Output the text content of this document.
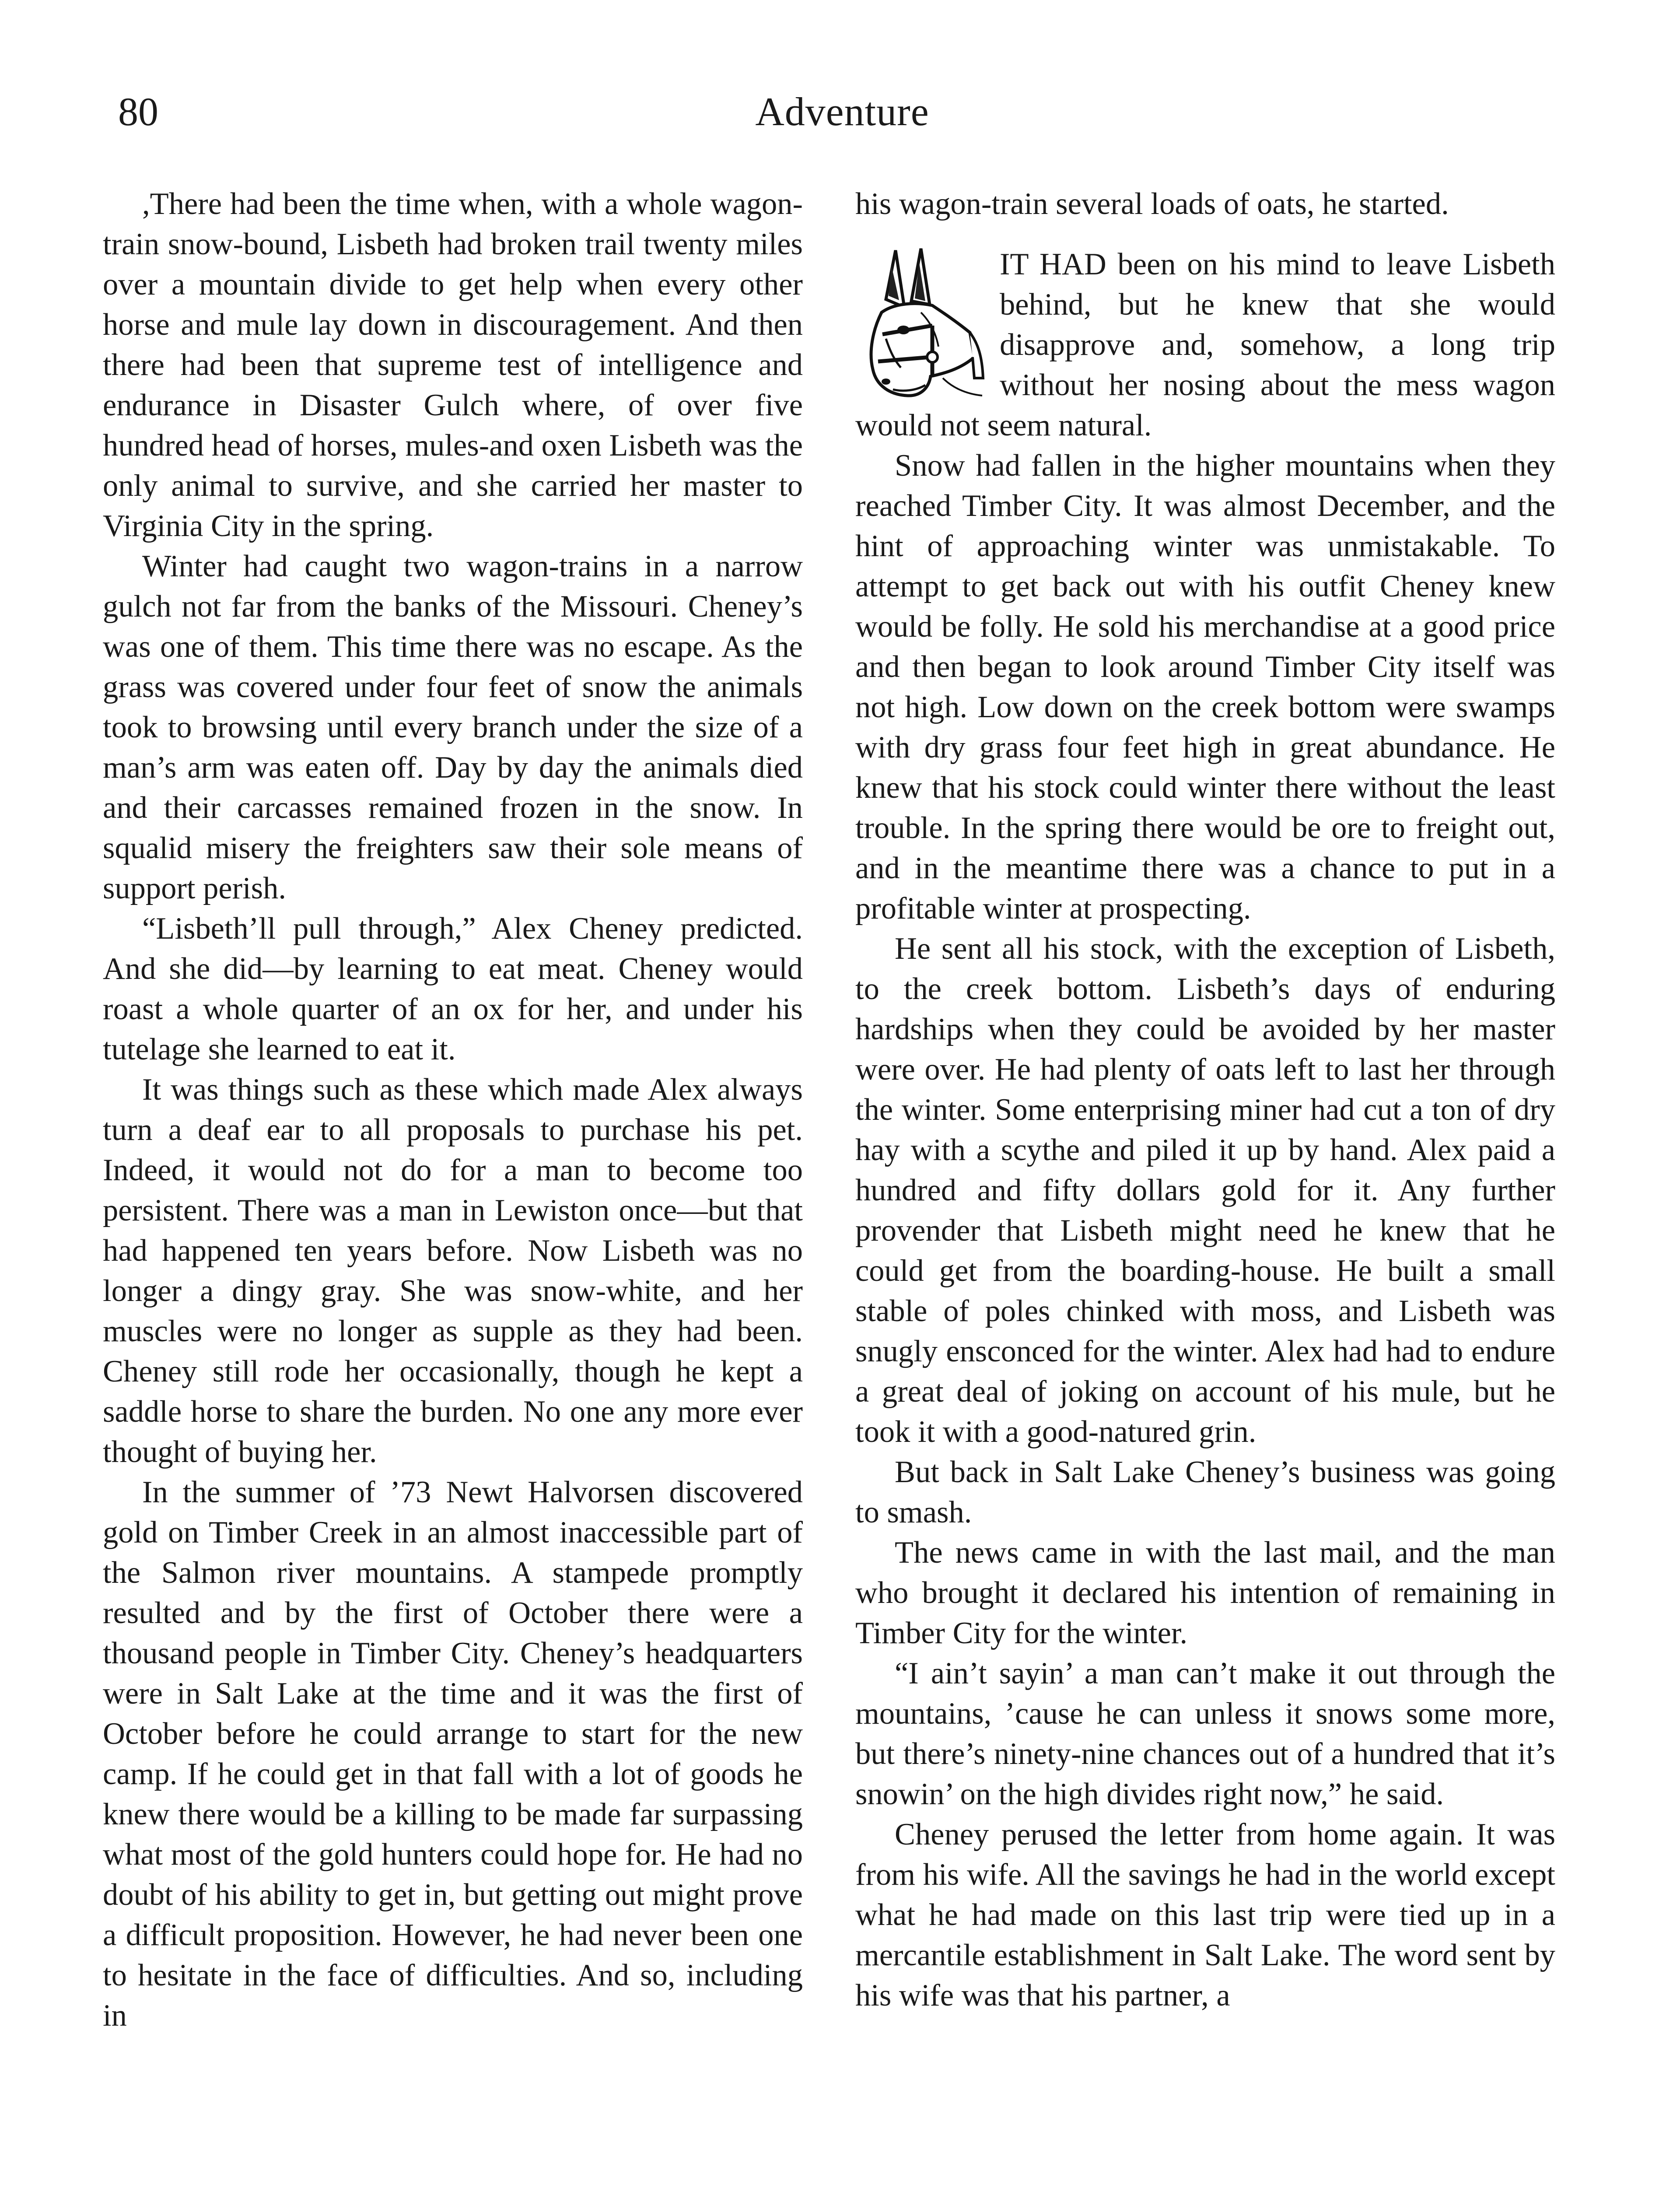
80	Adventure

,There had been the time when, with a whole wagon-train snow-bound, Lisbeth had broken trail twenty miles over a mountain divide to get help when every other horse and mule lay down in discouragement. And then there had been that supreme test of intelligence and endurance in Disaster Gulch where, of over five hundred head of horses, mules-and oxen Lisbeth was the only animal to survive, and she carried her master to Virginia City in the spring.

Winter had caught two wagon-trains in a narrow gulch not far from the banks of the Missouri. Cheney’s was one of them. This time there was no escape. As the grass was covered under four feet of snow the animals took to browsing until every branch under the size of a man’s arm was eaten off. Day by day the animals died and their carcasses remained frozen in the snow. In squalid misery the freighters saw their sole means of support perish.

“Lisbeth’ll pull through,” Alex Cheney predicted. And she did—by learning to eat meat. Cheney would roast a whole quarter of an ox for her, and under his tutelage she learned to eat it.

It was things such as these which made Alex always turn a deaf ear to all proposals to purchase his pet. Indeed, it would not do for a man to become too persistent. There was a man in Lewiston once—but that had happened ten years before. Now Lisbeth was no longer a dingy gray. She was snow-white, and her muscles were no longer as supple as they had been. Cheney still rode her occasionally, though he kept a saddle horse to share the burden. No one any more ever thought of buying her.

In the summer of ’73 Newt Halvorsen discovered gold on Timber Creek in an almost inaccessible part of the Salmon river mountains. A stampede promptly resulted and by the first of October there were a thousand people in Timber City. Cheney’s headquarters were in Salt Lake at the time and it was the first of October before he could arrange to start for the new camp. If he could get in that fall with a lot of goods he knew there would be a killing to be made far surpassing what most of the gold hunters could hope for. He had no doubt of his ability to get in, but getting out might prove a difficult proposition. However, he had never been one to hesitate in the face of difficulties. And so, including in

his wagon-train several loads of oats, he started.

IT HAD been on his mind to leave Lisbeth behind, but he knew that she would disapprove and, somehow, a long trip without her nosing about the mess wagon would not seem natural.

Snow had fallen in the higher mountains when they reached Timber City. It was almost December, and the hint of approaching winter was unmistakable. To attempt to get back out with his outfit Cheney knew would be folly. He sold his merchandise at a good price and then began to look around Timber City itself was not high. Low down on the creek bottom were swamps with dry grass four feet high in great abundance. He knew that his stock could winter there without the least trouble. In the spring there would be ore to freight out, and in the meantime there was a chance to put in a profitable winter at prospecting.

He sent all his stock, with the exception of Lisbeth, to the creek bottom. Lisbeth’s days of enduring hardships when they could be avoided by her master were over. He had plenty of oats left to last her through the winter. Some enterprising miner had cut a ton of dry hay with a scythe and piled it up by hand. Alex paid a hundred and fifty dollars gold for it. Any further provender that Lisbeth might need he knew that he could get from the boarding-house. He built a small stable of poles chinked with moss, and Lisbeth was snugly ensconced for the winter. Alex had had to endure a great deal of joking on account of his mule, but he took it with a good-natured grin.

But back in Salt Lake Cheney’s business was going to smash.

The news came in with the last mail, and the man who brought it declared his intention of remaining in Timber City for the winter.

“I ain’t sayin’ a man can’t make it out through the mountains, ’cause he can unless it snows some more, but there’s ninety-nine chances out of a hundred that it’s snowin’ on the high divides right now,” he said.

Cheney perused the letter from home again. It was from his wife. All the savings he had in the world except what he had made on this last trip were tied up in a mercantile establishment in Salt Lake. The word sent by his wife was that his partner, a
